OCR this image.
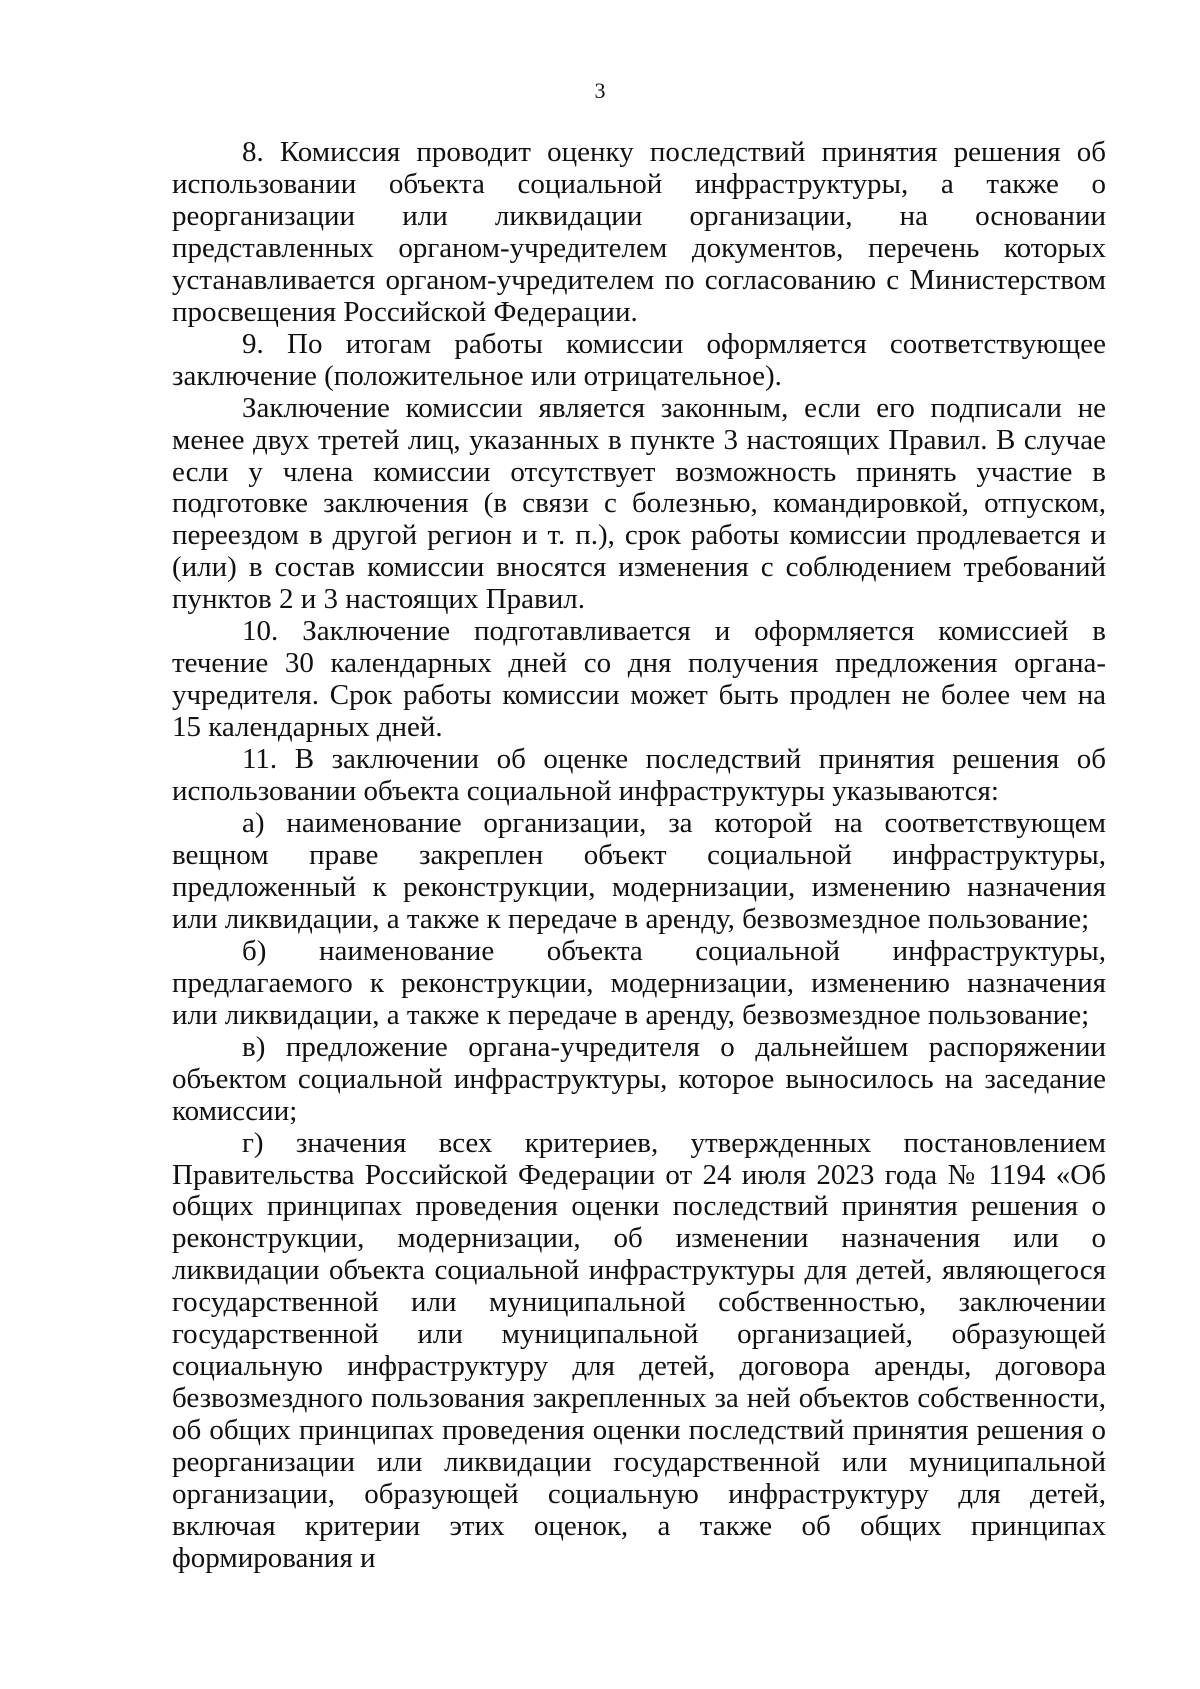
3

8. Комиссия проводит оценку последствий принятия решения об использовании объекта социальной инфраструктуры, а также о реорганизации или ликвидации организации, на основании представленных органом-учредителем документов, перечень которых устанавливается органом-учредителем по согласованию с Министерством просвещения Российской Федерации.

9. По итогам работы комиссии оформляется соответствующее заключение (положительное или отрицательное).

Заключение комиссии является законным, если его подписали не менее двух третей лиц, указанных в пункте 3 настоящих Правил. В случае если у члена комиссии отсутствует возможность принять участие в подготовке заключения (в связи с болезнью, командировкой, отпуском, переездом в другой регион и т. п.), срок работы комиссии продлевается и (или) в состав комиссии вносятся изменения с соблюдением требований пунктов 2 и 3 настоящих Правил.

10. Заключение подготавливается и оформляется комиссией в течение 30 календарных дней со дня получения предложения органа-учредителя. Срок работы комиссии может быть продлен не более чем на 15 календарных дней.

11. В заключении об оценке последствий принятия решения об использовании объекта социальной инфраструктуры указываются:

а) наименование организации, за которой на соответствующем вещном праве закреплен объект социальной инфраструктуры, предложенный к реконструкции, модернизации, изменению назначения или ликвидации, а также к передаче в аренду, безвозмездное пользование;

б) наименование объекта социальной инфраструктуры, предлагаемого к реконструкции, модернизации, изменению назначения или ликвидации, а также к передаче в аренду, безвозмездное пользование;

в) предложение органа-учредителя о дальнейшем распоряжении объектом социальной инфраструктуры, которое выносилось на заседание комиссии;

г) значения всех критериев, утвержденных постановлением Правительства Российской Федерации от 24 июля 2023 года № 1194 «Об общих принципах проведения оценки последствий принятия решения о реконструкции, модернизации, об изменении назначения или о ликвидации объекта социальной инфраструктуры для детей, являющегося государственной или муниципальной собственностью, заключении государственной или муниципальной организацией, образующей социальную инфраструктуру для детей, договора аренды, договора безвозмездного пользования закрепленных за ней объектов собственности, об общих принципах проведения оценки последствий принятия решения о реорганизации или ликвидации государственной или муниципальной организации, образующей социальную инфраструктуру для детей, включая критерии этих оценок, а также об общих принципах формирования и
